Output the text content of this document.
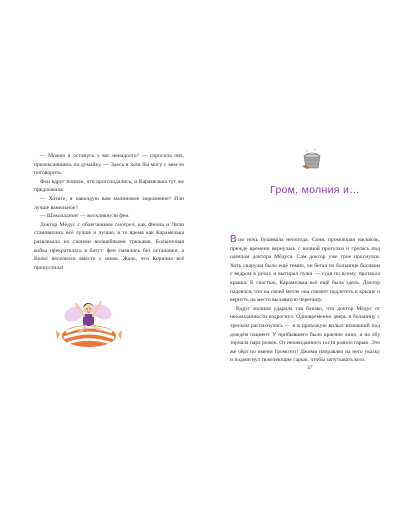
— Можно я останусь у вас ненадолго? — спросила она, приземлившись на думайку. — Здесь я хотя бы могу с кем-то поговорить.

Феи вдруг поняли, что проголодались, и Карамелька тут же предложила:

— Хотите, я наколдую вам малиновое мороженое? Или лучше ванильное?

— Шоколадное! — воскликнули феи.

Доктор Мёдус с облегчением смотрел, как Фиона и Лили становились всё лучше и лучше, в то время как Карамелька развлекала их своими волшебными трюками. Больничная койка прекратилась в батут: феи смеялись без остановки, а Вольт веселился вместе с ними. Жаль, что Корична всё пропустила!

Гром, молния и…

Всю ночь бушевала непогода. Соня, промокшая насквозь, прежде времени вернулась с ночной прогулки и грелась под одеялом доктора Мёдуса. Сам доктор уже трое проснулся. Хоть снаружи было ещё темно, он бегал по больнице босиком с ведром в руках и вытирал лужи — судя по всему, протекла крыша. К счастью, Карамелька всё ещё была здесь. Доктор надеялся, что на своей метле она сможет подлететь к крыше и вернуть на место вылавшую черепицу.

Вдруг молния ударила так близко, что доктор Мёдус от неожиданности вздрогнул. Одновременно дверь в больницу с треском распахнулась — и в прихожую вплыл взмокший под дождём пациент. У прибывшего было красное лицо, и на лбу торчала пара рожек. От неожиданного гостя разило гарью. Это же чёрт по имени Громотот! Джими направлял на него указку и подмигнул тяжелеющие гарью, чтобы запутывать всех.

37
